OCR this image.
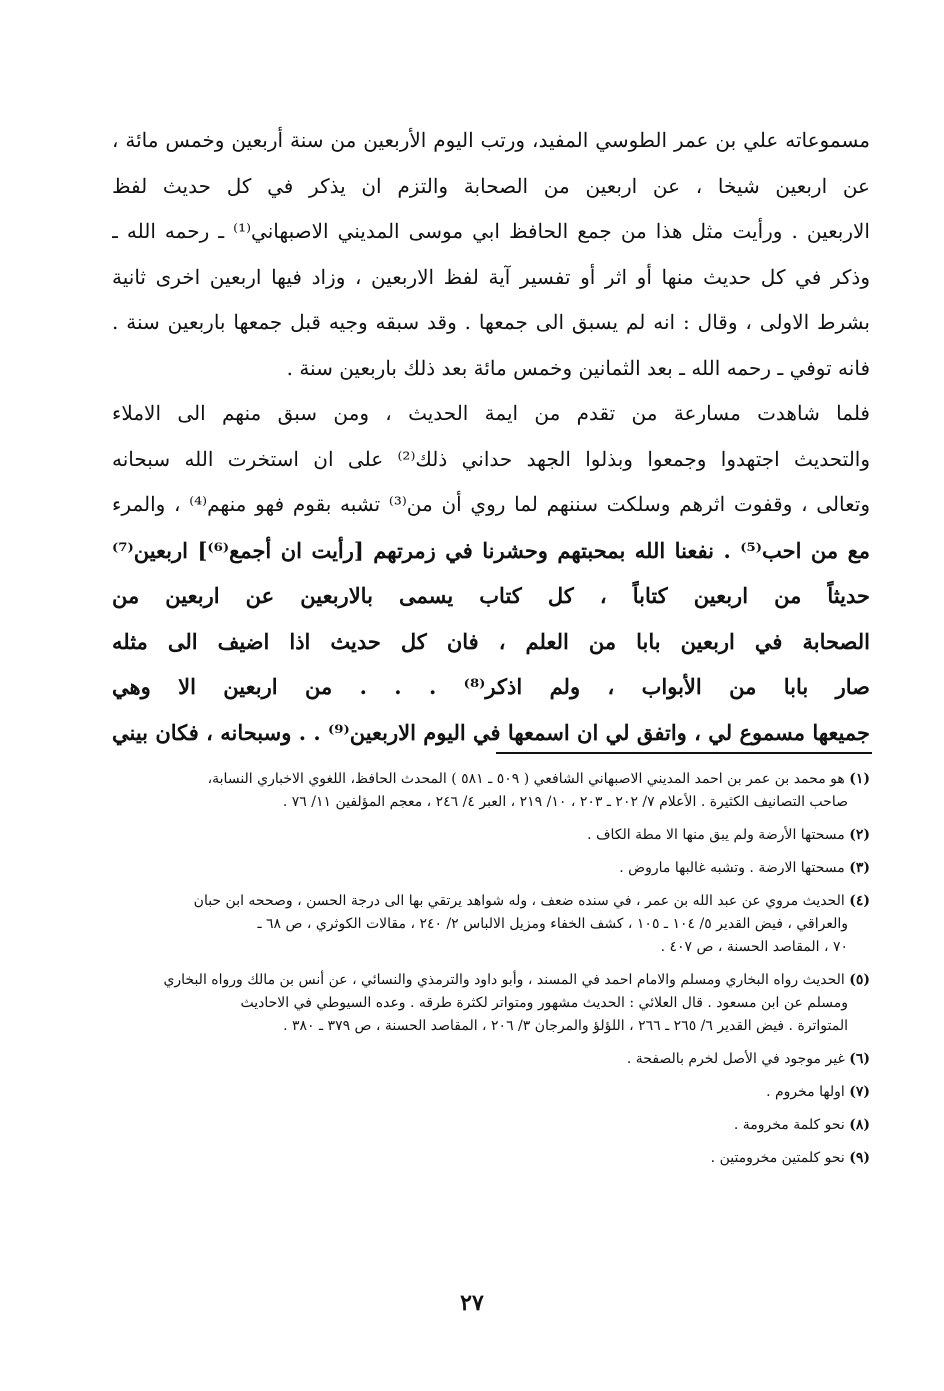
مسموعاته علي بن عمر الطوسي المفيد، ورتب اليوم الأربعين من سنة أربعين وخمس مائة ،
عن اربعين شيخا ، عن اربعين من الصحابة والتزم ان يذكر في كل حديث لفظ
الاربعين . ورأيت مثل هذا من جمع الحافظ ابي موسى المديني الاصبهاني⁽¹⁾ ـ رحمه الله ـ
وذكر في كل حديث منها أو اثر أو تفسير آية لفظ الاربعين ، وزاد فيها اربعين اخرى ثانية
بشرط الاولى ، وقال : انه لم يسبق الى جمعها . وقد سبقه وجيه قبل جمعها باربعين سنة .
فانه توفي ـ رحمه الله ـ بعد الثمانين وخمس مائة بعد ذلك باربعين سنة .
فلما شاهدت مسارعة من تقدم من ايمة الحديث ، ومن سبق منهم الى الاملاء
والتحديث اجتهدوا وجمعوا وبذلوا الجهد حداني ذلك⁽²⁾ على ان استخرت الله سبحانه
وتعالى ، وقفوت اثرهم وسلكت سننهم لما روي أن من⁽³⁾ تشبه بقوم فهو منهم⁽⁴⁾ ، والمرء
مع من احب⁽⁵⁾ . نفعنا الله بمحبتهم وحشرنا في زمرتهم [رأيت ان أجمع⁽⁶⁾] اربعين⁽⁷⁾
حديثاً من اربعين كتاباً ، كل كتاب يسمى بالاربعين عن اربعين من
الصحابة في اربعين بابا من العلم ، فان كل حديث اذا اضيف الى مثله
صار بابا من الأبواب ، ولم اذكر⁽⁸⁾ . . . من اربعين الا وهي
جميعها مسموع لي ، واتفق لي ان اسمعها في اليوم الاربعين⁽⁹⁾ . . وسبحانه ، فكان بيني
(١) هو محمد بن عمر بن احمد المديني الاصبهاني الشافعي ( ٥٠٩ ـ ٥٨١ ) المحدث الحافظ، اللغوي الاخباري النسابة،
صاحب التصانيف الكثيرة . الأعلام ٧/ ٢٠٢ ـ ٢٠٣ ، ١٠/ ٢١٩ ، العبر ٤/ ٢٤٦ ، معجم المؤلفين ١١/ ٧٦ .
(٢) مسحتها الأرضة ولم يبق منها الا مطة الكاف .
(٣) مسحتها الارضة . وتشبه غالبها ماروض .
(٤) الحديث مروي عن عبد الله بن عمر ، في سنده ضعف ، وله شواهد يرتقي بها الى درجة الحسن ، وصححه ابن حبان
والعراقي ، فيض القدير ٥/ ١٠٤ ـ ١٠٥ ، كشف الخفاء ومزيل الالباس ٢/ ٢٤٠ ، مقالات الكوثري ، ص ٦٨ ـ
٧٠ ، المقاصد الحسنة ، ص ٤٠٧ .
(٥) الحديث رواه البخاري ومسلم والامام احمد في المسند ، وأبو داود والترمذي والنسائي ، عن أنس بن مالك ورواه البخاري
ومسلم عن ابن مسعود . قال العلائي : الحديث مشهور ومتواتر لكثرة طرقه . وعده السيوطي في الاحاديث
المتواترة . فيض القدير ٦/ ٢٦٥ ـ ٢٦٦ ، اللؤلؤ والمرجان ٣/ ٢٠٦ ، المقاصد الحسنة ، ص ٣٧٩ ـ ٣٨٠ .
(٦) غير موجود في الأصل لخرم بالصفحة .
(٧) اولها مخروم .
(٨) نحو كلمة مخرومة .
(٩) نحو كلمتين مخرومتين .
٢٧
